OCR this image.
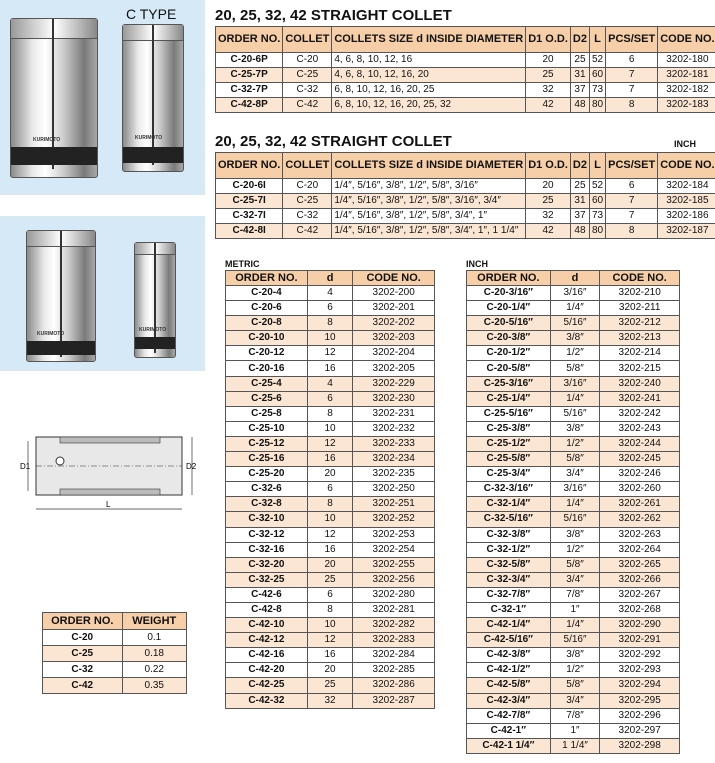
KURIMOTO	KURIMOTO
C TYPE
KURIMOTO
KURIMOTO
D1	D2
L
20, 25, 32, 42 STRAIGHT COLLET
ORDER NO.	COLLET	COLLETS SIZE d INSIDE DIAMETER	D1 O.D.	D2	L	PCS/SET	CODE NO.
C-20-6P	C-20	4, 6, 8, 10, 12, 16	20	25	52	6	3202-180
C-25-7P	C-25	4, 6, 8, 10, 12, 16, 20	25	31	60	7	3202-181
C-32-7P	C-32	6, 8, 10, 12, 16, 20, 25	32	37	73	7	3202-182
C-42-8P	C-42	6, 8, 10, 12, 16, 20, 25, 32	42	48	80	8	3202-183
20, 25, 32, 42 STRAIGHT COLLET	INCH
ORDER NO.	COLLET	COLLETS SIZE d INSIDE DIAMETER	D1 O.D.	D2	L	PCS/SET	CODE NO.
C-20-6I	C-20	1/4″, 5/16″, 3/8″, 1/2″, 5/8″, 3/16″	20	25	52	6	3202-184
C-25-7I	C-25	1/4″, 5/16″, 3/8″, 1/2″, 5/8″, 3/16″, 3/4″	25	31	60	7	3202-185
C-32-7I	C-32	1/4″, 5/16″, 3/8″, 1/2″, 5/8″, 3/4″, 1″	32	37	73	7	3202-186
C-42-8I	C-42	1/4″, 5/16″, 3/8″, 1/2″, 5/8″, 3/4″, 1″, 1 1/4″	42	48	80	8	3202-187
METRIC
ORDER NO.	d	CODE NO.
C-20-4	4	3202-200
C-20-6	6	3202-201
C-20-8	8	3202-202
C-20-10	10	3202-203
C-20-12	12	3202-204
C-20-16	16	3202-205
C-25-4	4	3202-229
C-25-6	6	3202-230
C-25-8	8	3202-231
C-25-10	10	3202-232
C-25-12	12	3202-233
C-25-16	16	3202-234
C-25-20	20	3202-235
C-32-6	6	3202-250
C-32-8	8	3202-251
C-32-10	10	3202-252
C-32-12	12	3202-253
C-32-16	16	3202-254
C-32-20	20	3202-255
C-32-25	25	3202-256
C-42-6	6	3202-280
C-42-8	8	3202-281
C-42-10	10	3202-282
C-42-12	12	3202-283
C-42-16	16	3202-284
C-42-20	20	3202-285
C-42-25	25	3202-286
C-42-32	32	3202-287
INCH
ORDER NO.	d	CODE NO.
C-20-3/16″	3/16″	3202-210
C-20-1/4″	1/4″	3202-211
C-20-5/16″	5/16″	3202-212
C-20-3/8″	3/8″	3202-213
C-20-1/2″	1/2″	3202-214
C-20-5/8″	5/8″	3202-215
C-25-3/16″	3/16″	3202-240
C-25-1/4″	1/4″	3202-241
C-25-5/16″	5/16″	3202-242
C-25-3/8″	3/8″	3202-243
C-25-1/2″	1/2″	3202-244
C-25-5/8″	5/8″	3202-245
C-25-3/4″	3/4″	3202-246
C-32-3/16″	3/16″	3202-260
C-32-1/4″	1/4″	3202-261
C-32-5/16″	5/16″	3202-262
C-32-3/8″	3/8″	3202-263
C-32-1/2″	1/2″	3202-264
C-32-5/8″	5/8″	3202-265
C-32-3/4″	3/4″	3202-266
C-32-7/8″	7/8″	3202-267
C-32-1″	1″	3202-268
C-42-1/4″	1/4″	3202-290
C-42-5/16″	5/16″	3202-291
C-42-3/8″	3/8″	3202-292
C-42-1/2″	1/2″	3202-293
C-42-5/8″	5/8″	3202-294
C-42-3/4″	3/4″	3202-295
C-42-7/8″	7/8″	3202-296
C-42-1″	1″	3202-297
C-42-1 1/4″	1 1/4″	3202-298
ORDER NO.	WEIGHT
C-20	0.1
C-25	0.18
C-32	0.22
C-42	0.35
